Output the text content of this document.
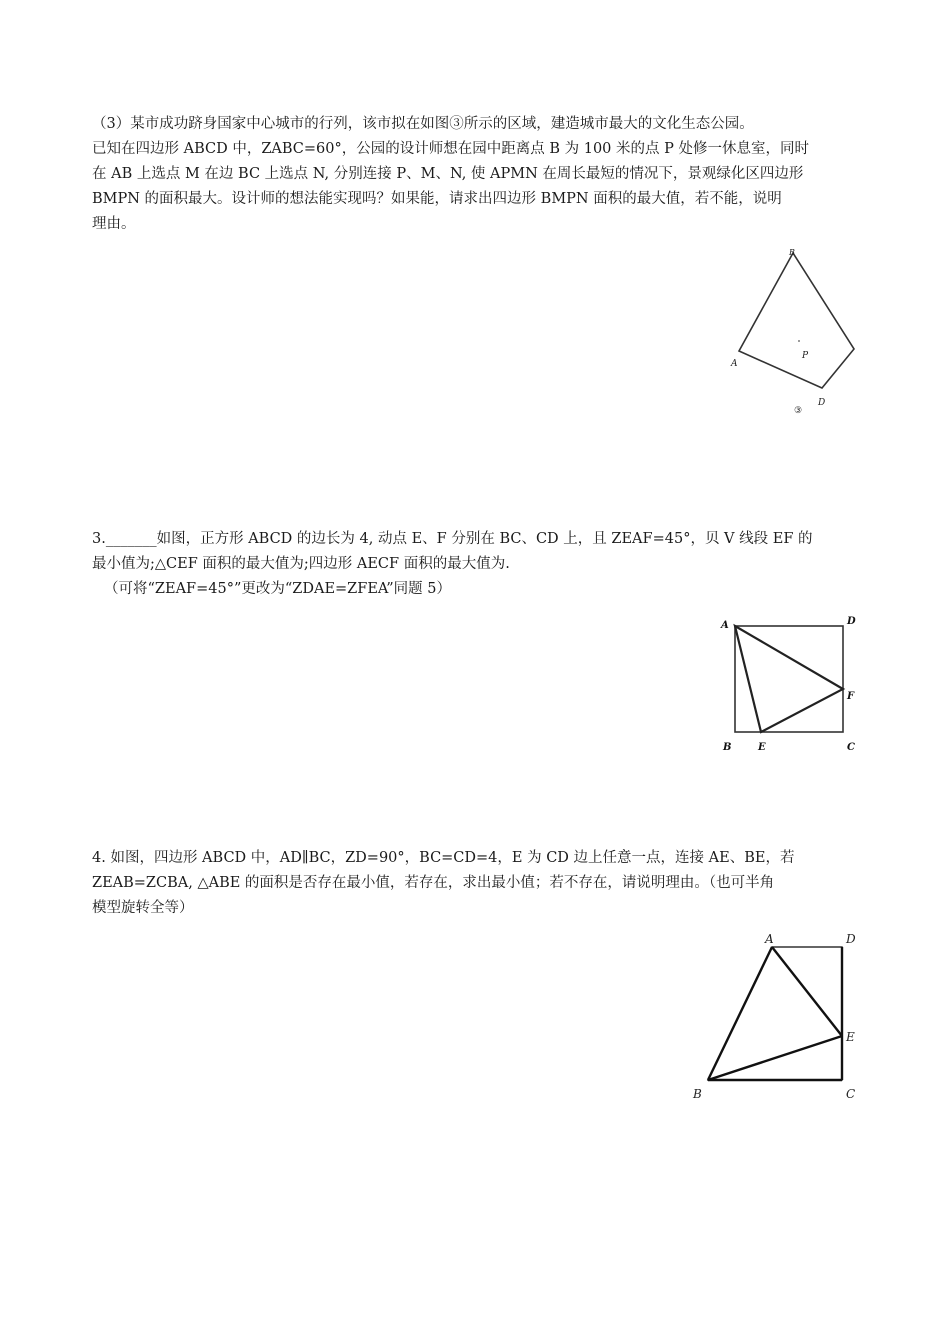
（3）某市成功跻身国家中心城市的行列，该市拟在如图③所示的区域，建造城市最大的文化生态公园。

已知在四边形 ABCD 中，ZABC=60°，公园的设计师想在园中距离点 B 为 100 米的点 P 处修一休息室，同时

在 AB 上选点 M 在边 BC 上选点 N, 分别连接 P、M、N, 使 APMN 在周长最短的情况下，景观绿化区四边形

BMPN 的面积最大。设计师的想法能实现吗？如果能，请求出四边形 BMPN 面积的最大值，若不能，说明

理由。

B
A
P
D
③

3._______如图，正方形 ABCD 的边长为 4, 动点 E、F 分别在 BC、CD 上，且 ZEAF=45°，贝 V 线段 EF 的

最小值为;△CEF 面积的最大值为;四边形 AECF 面积的最大值为.

（可将“ZEAF=45°”更改为“ZDAE=ZFEA”同题 5）

A	D
F
B	E	C

4. 如图，四边形 ABCD 中，AD∥BC，ZD=90°，BC=CD=4，E 为 CD 边上任意一点，连接 AE、BE，若

ZEAB=ZCBA, △ABE 的面积是否存在最小值，若存在，求出最小值；若不存在，请说明理由。（也可半角

模型旋转全等）

A	D
E
B	C
